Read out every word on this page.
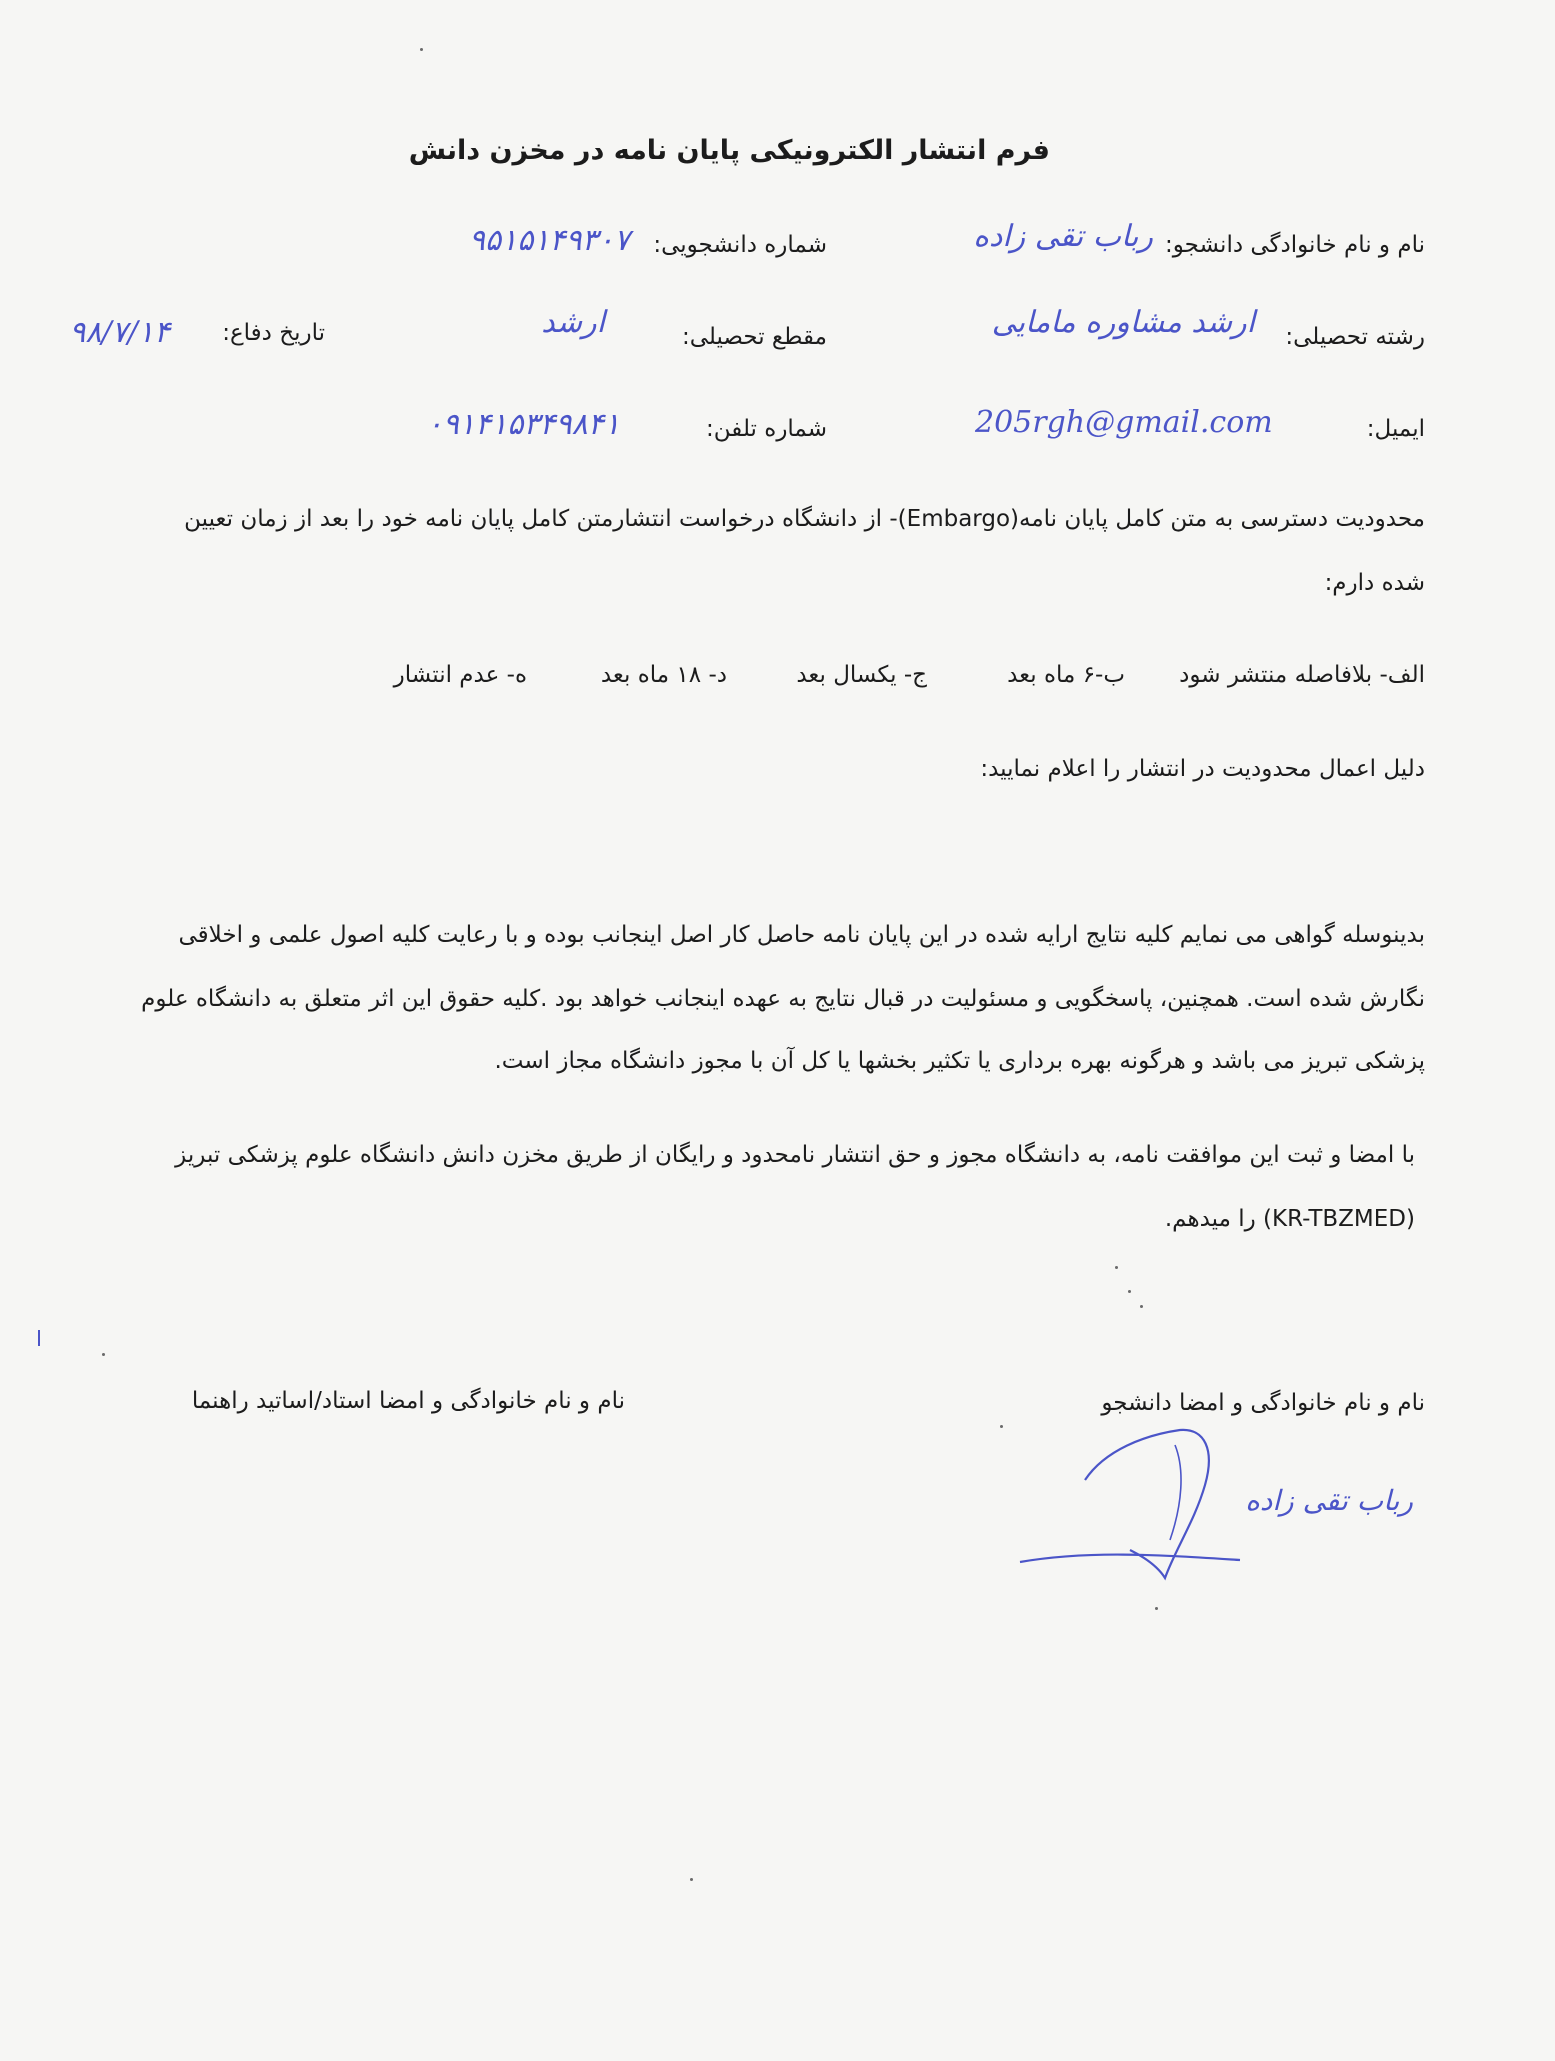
فرم انتشار الکترونیکی پایان نامه در مخزن دانش
نام و نام خانوادگی دانشجو:
رباب تقی زاده
شماره دانشجویی:
۹۵۱۵۱۴۹۳۰۷
رشته تحصیلی:
ارشد مشاوره مامایی
مقطع تحصیلی:
ارشد
تاریخ دفاع:
۹۸/۷/۱۴
ایمیل:
205rgh@gmail.com
شماره تلفن:
۰۹۱۴۱۵۳۴۹۸۴۱
محدودیت دسترسی به متن کامل پایان نامه(Embargo)- از دانشگاه درخواست انتشارمتن کامل پایان نامه خود را بعد از زمان تعیین
شده دارم:
الف- بلافاصله منتشر شود
ب-۶ ماه بعد
ج- یکسال بعد
د- ۱۸ ماه بعد
ه- عدم انتشار
دلیل اعمال محدودیت در انتشار را اعلام نمایید:
بدینوسله گواهی می نمایم کلیه نتایج ارایه شده در این پایان نامه حاصل کار اصل اینجانب بوده و با رعایت کلیه اصول علمی و اخلاقی
نگارش شده است. همچنین، پاسخگویی و مسئولیت در قبال نتایج به عهده اینجانب خواهد بود .کلیه حقوق این اثر متعلق به دانشگاه علوم
پزشکی تبریز می باشد و هرگونه بهره برداری یا تکثیر بخشها یا کل آن با مجوز دانشگاه مجاز است.
با امضا و ثبت این موافقت نامه، به دانشگاه مجوز و حق انتشار نامحدود و رایگان از طریق مخزن دانش دانشگاه علوم پزشکی تبریز
(KR-TBZMED) را میدهم.
نام و نام خانوادگی و امضا دانشجو
نام و نام خانوادگی و امضا استاد/اساتید راهنما
رباب تقی زاده
